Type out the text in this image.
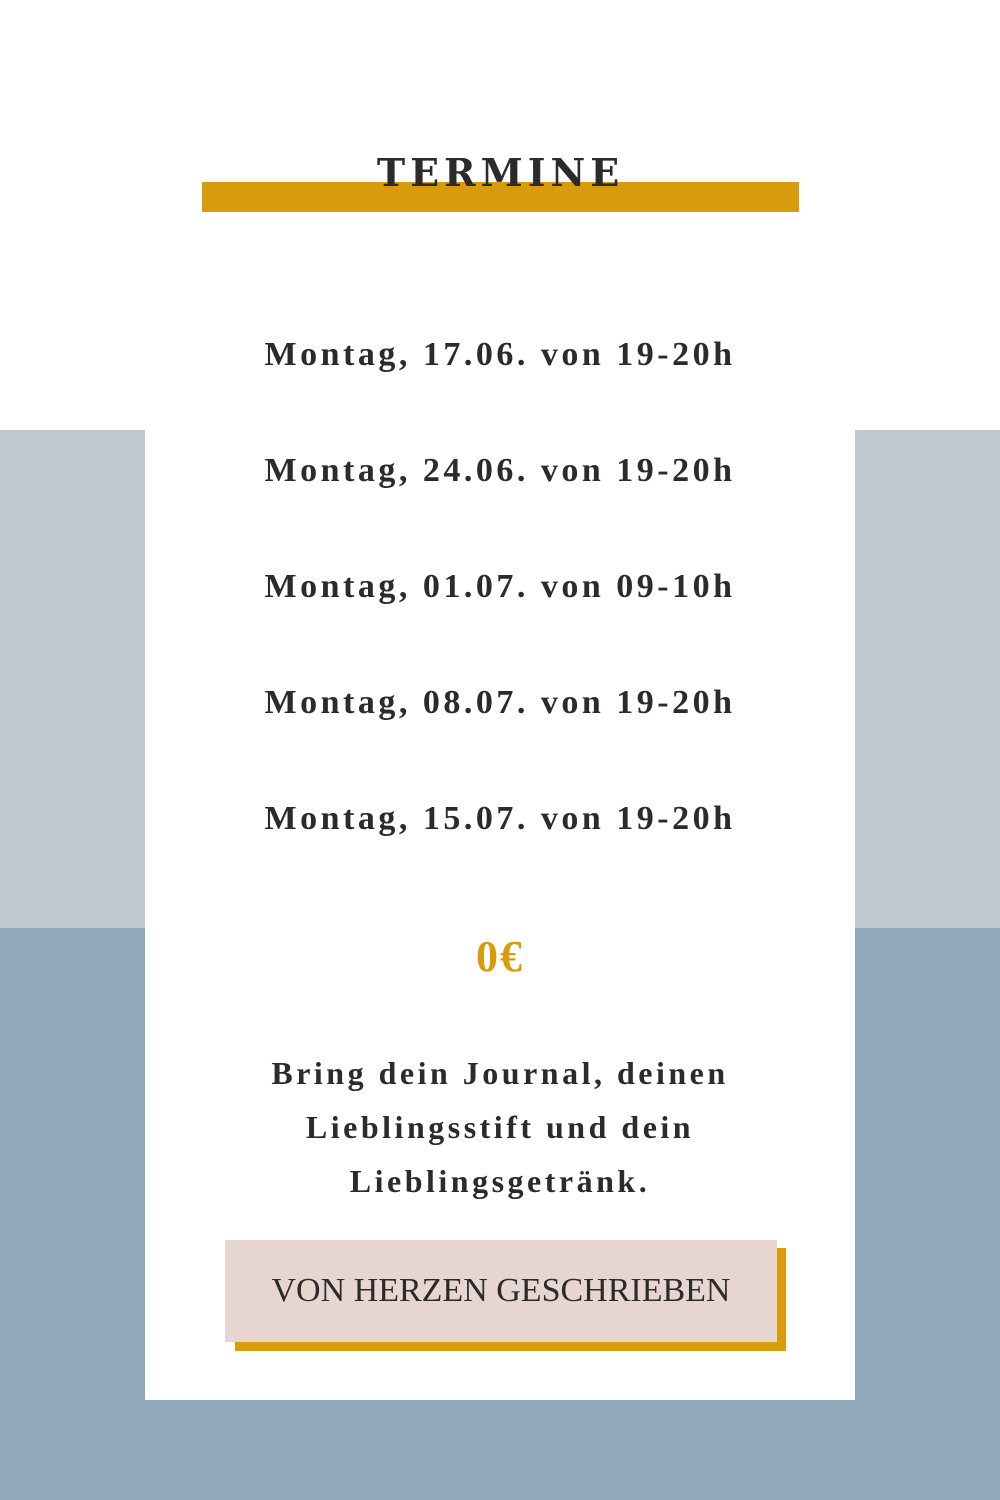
TERMINE
Montag, 17.06. von 19-20h
Montag, 24.06. von 19-20h
Montag, 01.07. von 09-10h
Montag, 08.07. von 19-20h
Montag, 15.07. von 19-20h
0€

Bring dein Journal, deinen
Lieblingsstift und dein
Lieblingsgetränk.

VON HERZEN GESCHRIEBEN
